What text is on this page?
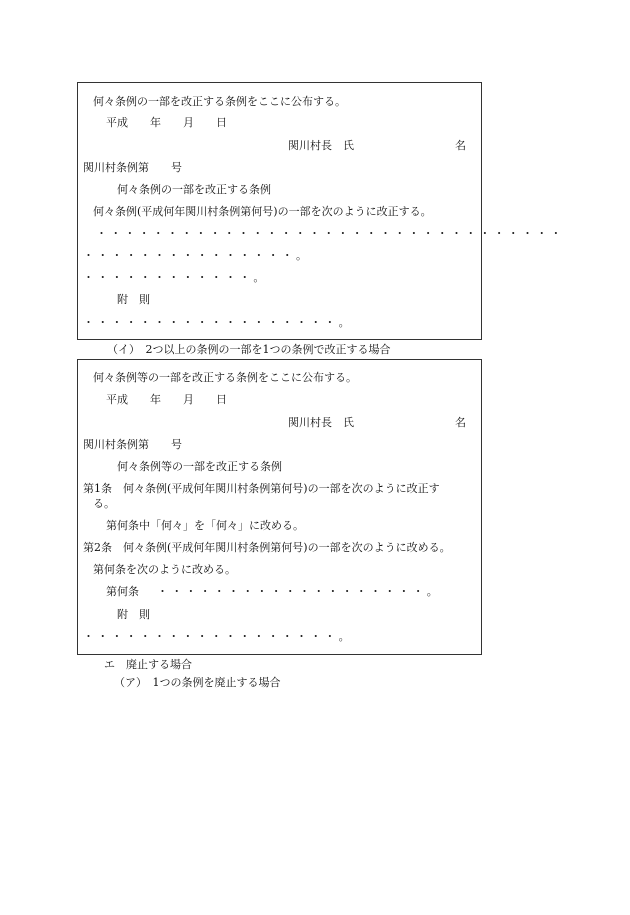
何々条例の一部を改正する条例をここに公布する。
平成　　年　　月　　日
関川村長　氏	名
関川村条例第　　号
何々条例の一部を改正する条例
何々条例(平成何年関川村条例第何号)の一部を次のように改正する。
・・・・・・・・・・・・・・・・・・・・・・・・・・・・・・・・・
・・・・・・・・・・・・・・・。
・・・・・・・・・・・・。
附　則
・・・・・・・・・・・・・・・・・・。
（イ）　2つ以上の条例の一部を1つの条例で改正する場合
何々条例等の一部を改正する条例をここに公布する。
平成　　年　　月　　日
関川村長　氏	名
関川村条例第　　号
何々条例等の一部を改正する条例
第1条　何々条例(平成何年関川村条例第何号)の一部を次のように改正す
る。
第何条中「何々」を「何々」に改める。
第2条　何々条例(平成何年関川村条例第何号)の一部を次のように改める。
第何条を次のように改める。
第何条 ・・・・・・・・・・・・・・・・・・・。
附　則
・・・・・・・・・・・・・・・・・・。
エ　廃止する場合
（ア）　1つの条例を廃止する場合
